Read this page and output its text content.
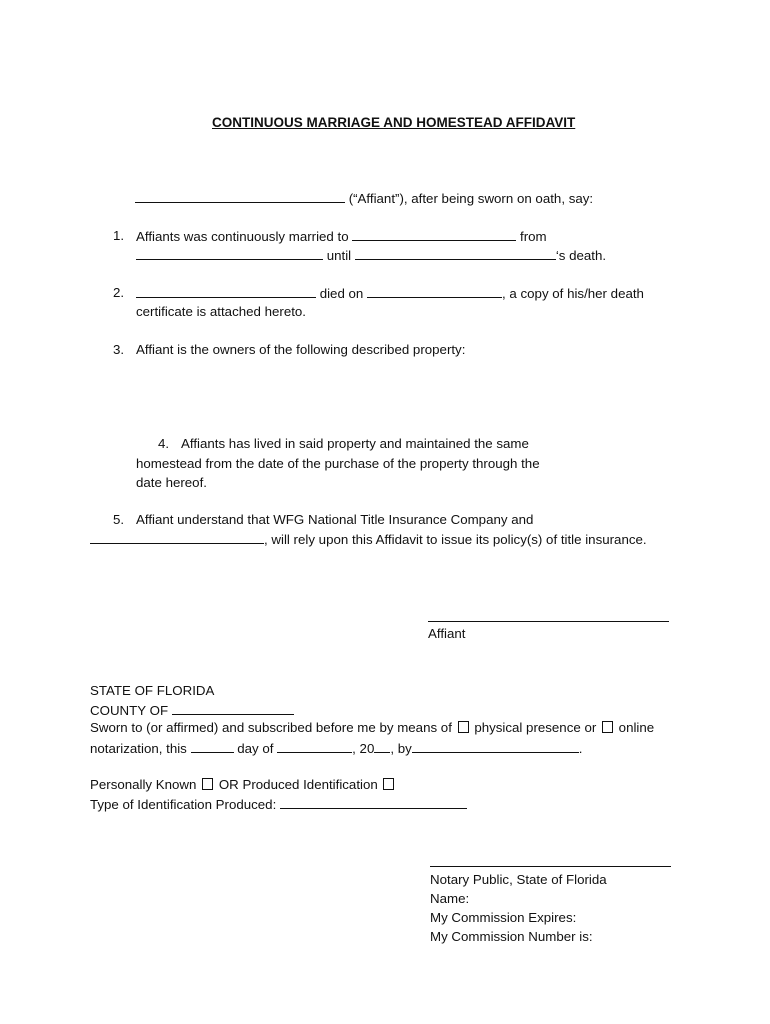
CONTINUOUS MARRIAGE AND HOMESTEAD AFFIDAVIT
(“Affiant”), after being sworn on oath, say:
1. Affiants was continuously married to	from
until	‘s death.
2.	died on	, a copy of his/her death
certificate is attached hereto.
3. Affiant is the owners of the following described property:
4. Affiants has lived in said property and maintained the same
homestead from the date of the purchase of the property through the
date hereof.
5. Affiant understand that WFG National Title Insurance Company and
, will rely upon this Affidavit to issue its policy(s) of title insurance.
Affiant
STATE OF FLORIDA
COUNTY OF
Sworn to (or affirmed) and subscribed before me by means of physical presence or online
notarization, this	day of	, 20 , by	.
Personally Known OR Produced Identification
Type of Identification Produced:
Notary Public, State of Florida
Name:
My Commission Expires:
My Commission Number is:
